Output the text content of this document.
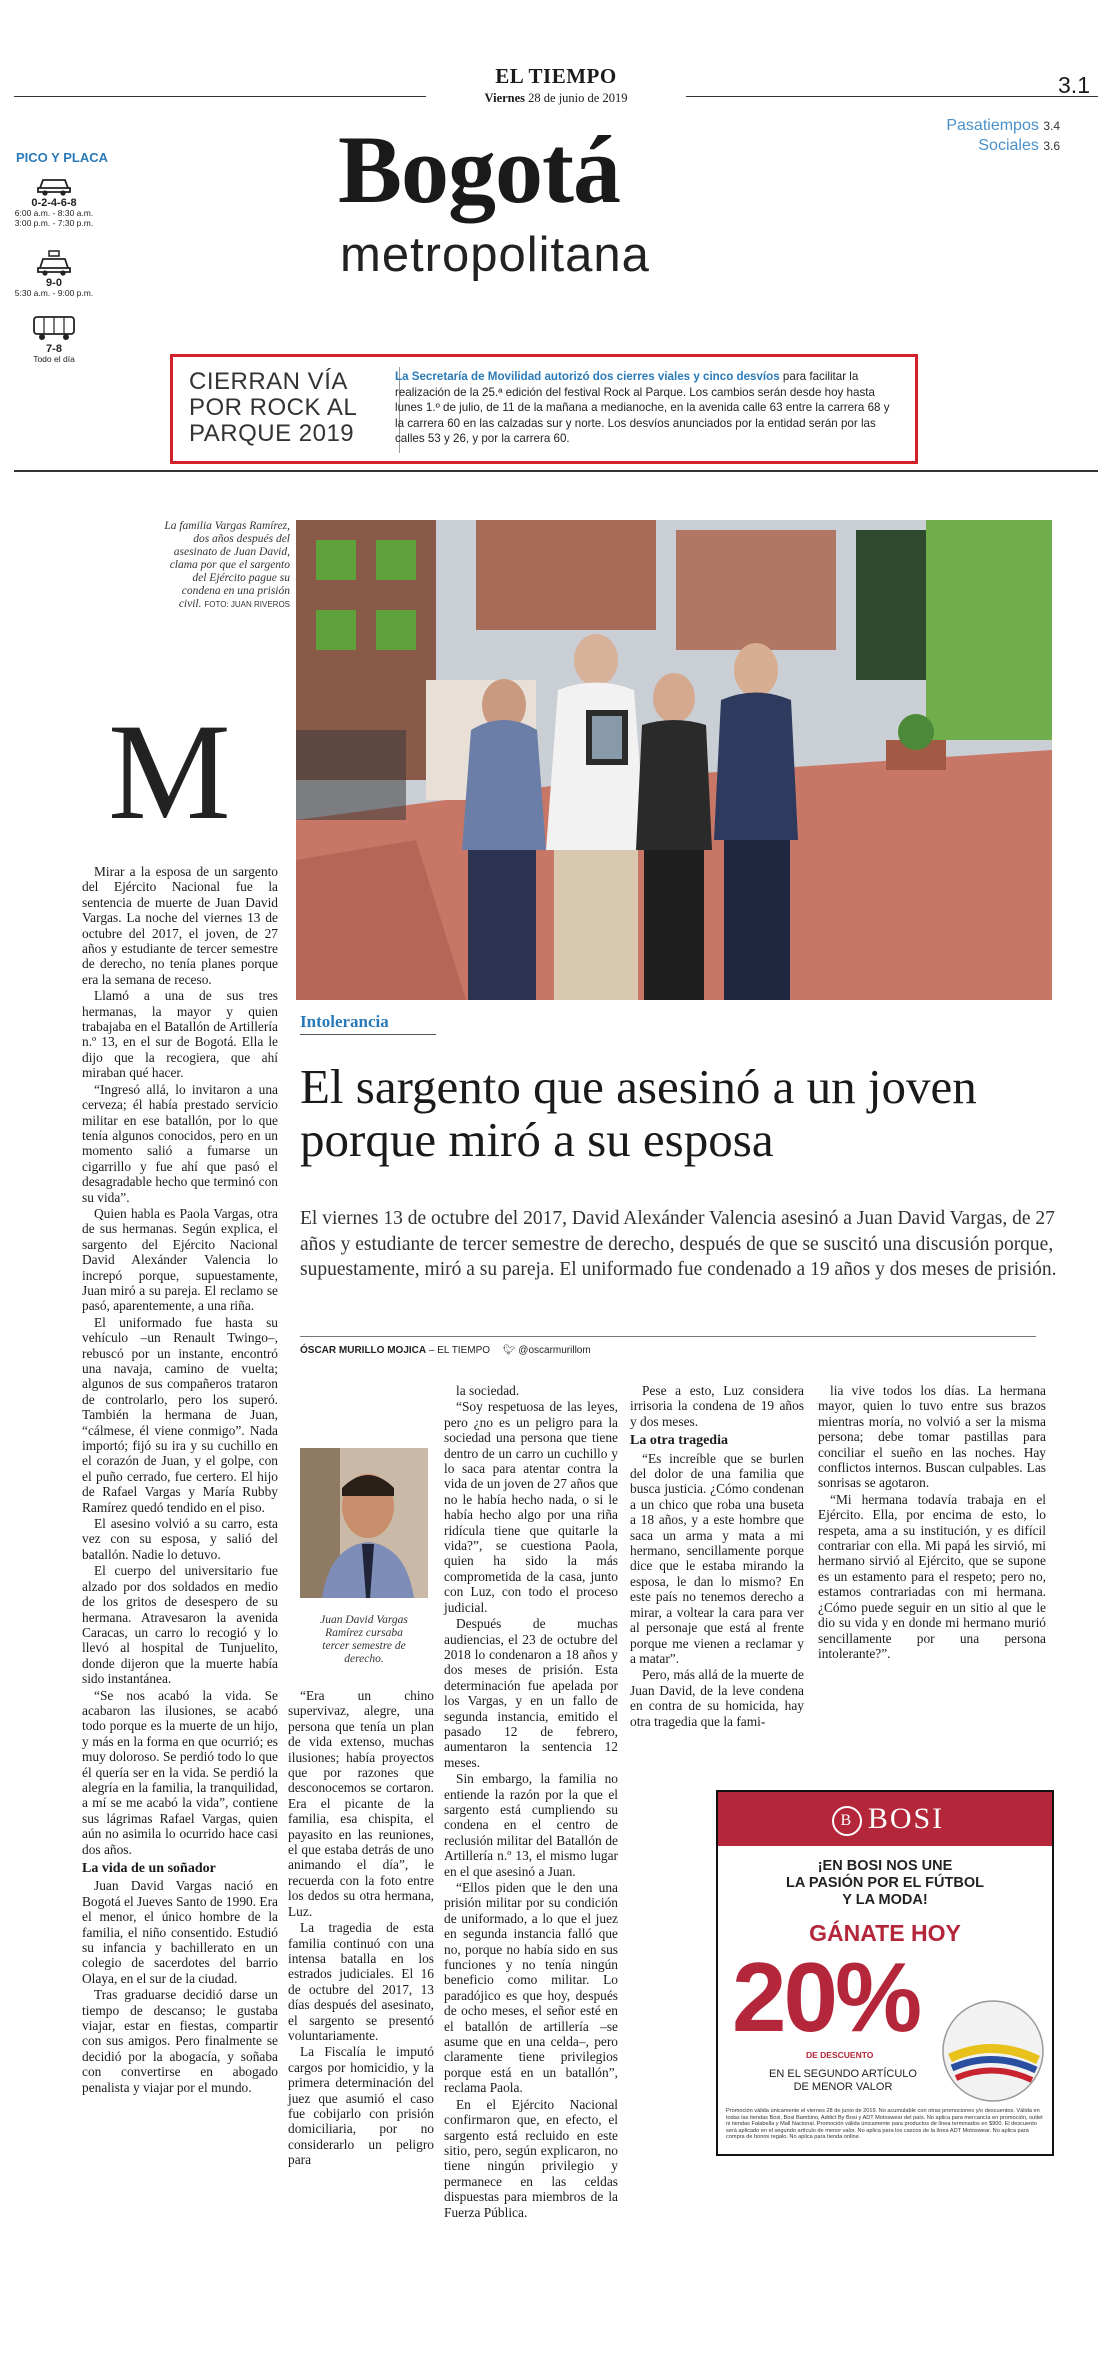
EL TIEMPO
Viernes 28 de junio de 2019	3.1
Pasatiempos 3.4
Sociales 3.6
Bogotá
metropolitana
PICO Y PLACA
0-2-4-6-8
6:00 a.m. - 8:30 a.m.
3:00 p.m. - 7:30 p.m.
9-0
5:30 a.m. - 9:00 p.m.
7-8
Todo el día
CIERRAN VÍA POR ROCK AL PARQUE 2019
La Secretaría de Movilidad autorizó dos cierres viales y cinco desvíos para facilitar la realización de la 25.ª edición del festival Rock al Parque. Los cambios serán desde hoy hasta lunes 1.º de julio, de 11 de la mañana a medianoche, en la avenida calle 63 entre la carrera 68 y la carrera 60 en las calzadas sur y norte. Los desvíos anunciados por la entidad serán por las calles 53 y 26, y por la carrera 60.
La familia Vargas Ramírez, dos años después del asesinato de Juan David, clama por que el sargento del Ejército pague su condena en una prisión civil. FOTO: JUAN RIVEROS
Intolerancia
El sargento que asesinó a un joven porque miró a su esposa
El viernes 13 de octubre del 2017, David Alexánder Valencia asesinó a Juan David Vargas, de 27 años y estudiante de tercer semestre de derecho, después de que se suscitó una discusión porque, supuestamente, miró a su pareja. El uniformado fue condenado a 19 años y dos meses de prisión.
ÓSCAR MURILLO MOJICA – EL TIEMPO 🐦︎ @oscarmurillom
M

Mirar a la esposa de un sargento del Ejército Nacional fue la sentencia de muerte de Juan David Vargas. La noche del viernes 13 de octubre del 2017, el joven, de 27 años y estudiante de tercer semestre de derecho, no tenía planes porque era la semana de receso.

Llamó a una de sus tres hermanas, la mayor y quien trabajaba en el Batallón de Artillería n.º 13, en el sur de Bogotá. Ella le dijo que la recogiera, que ahí miraban qué hacer.

“Ingresó allá, lo invitaron a una cerveza; él había prestado servicio militar en ese batallón, por lo que tenía algunos conocidos, pero en un momento salió a fumarse un cigarrillo y fue ahí que pasó el desagradable hecho que terminó con su vida”.

Quien habla es Paola Vargas, otra de sus hermanas. Según explica, el sargento del Ejército Nacional David Alexánder Valencia lo increpó porque, supuestamente, Juan miró a su pareja. El reclamo se pasó, aparentemente, a una riña.

El uniformado fue hasta su vehículo –un Renault Twingo–, rebuscó por un instante, encontró una navaja, camino de vuelta; algunos de sus compañeros trataron de controlarlo, pero los superó. También la hermana de Juan, “cálmese, él viene conmigo”. Nada importó; fijó su ira y su cuchillo en el corazón de Juan, y el golpe, con el puño cerrado, fue certero. El hijo de Rafael Vargas y María Rubby Ramírez quedó tendido en el piso.

El asesino volvió a su carro, esta vez con su esposa, y salió del batallón. Nadie lo detuvo.

El cuerpo del universitario fue alzado por dos soldados en medio de los gritos de desespero de su hermana. Atravesaron la avenida Caracas, un carro lo recogió y lo llevó al hospital de Tunjuelito, donde dijeron que la muerte había sido instantánea.

“Se nos acabó la vida. Se acabaron las ilusiones, se acabó todo porque es la muerte de un hijo, y más en la forma en que ocurrió; es muy doloroso. Se perdió todo lo que él quería ser en la vida. Se perdió la alegría en la familia, la tranquilidad, a mí se me acabó la vida”, contiene sus lágrimas Rafael Vargas, quien aún no asimila lo ocurrido hace casi dos años.

La vida de un soñador

Juan David Vargas nació en Bogotá el Jueves Santo de 1990. Era el menor, el único hombre de la familia, el niño consentido. Estudió su infancia y bachillerato en un colegio de sacerdotes del barrio Olaya, en el sur de la ciudad.

Tras graduarse decidió darse un tiempo de descanso; le gustaba viajar, estar en fiestas, compartir con sus amigos. Pero finalmente se decidió por la abogacía, y soñaba con convertirse en abogado penalista y viajar por el mundo.

Juan David Vargas Ramírez cursaba tercer semestre de derecho.

“Era un chino supervivaz, alegre, una persona que tenía un plan de vida extenso, muchas ilusiones; había proyectos que por razones que desconocemos se cortaron. Era el picante de la familia, esa chispita, el payasito en las reuniones, el que estaba detrás de uno animando el día”, le recuerda con la foto entre los dedos su otra hermana, Luz.

La tragedia de esta familia continuó con una intensa batalla en los estrados judiciales. El 16 de octubre del 2017, 13 días después del asesinato, el sargento se presentó voluntariamente.

La Fiscalía le imputó cargos por homicidio, y la primera determinación del juez que asumió el caso fue cobijarlo con prisión domiciliaria, por no considerarlo un peligro para

la sociedad.

“Soy respetuosa de las leyes, pero ¿no es un peligro para la sociedad una persona que tiene dentro de un carro un cuchillo y lo saca para atentar contra la vida de un joven de 27 años que no le había hecho nada, o si le había hecho algo por una riña ridícula tiene que quitarle la vida?”, se cuestiona Paola, quien ha sido la más comprometida de la casa, junto con Luz, con todo el proceso judicial.

Después de muchas audiencias, el 23 de octubre del 2018 lo condenaron a 18 años y dos meses de prisión. Esta determinación fue apelada por los Vargas, y en un fallo de segunda instancia, emitido el pasado 12 de febrero, aumentaron la sentencia 12 meses.

Sin embargo, la familia no entiende la razón por la que el sargento está cumpliendo su condena en el centro de reclusión militar del Batallón de Artillería n.º 13, el mismo lugar en el que asesinó a Juan.

“Ellos piden que le den una prisión militar por su condición de uniformado, a lo que el juez en segunda instancia falló que no, porque no había sido en sus funciones y no tenía ningún beneficio como militar. Lo paradójico es que hoy, después de ocho meses, el señor esté en el batallón de artillería –se asume que en una celda–, pero claramente tiene privilegios porque está en un batallón”, reclama Paola.

En el Ejército Nacional confirmaron que, en efecto, el sargento está recluido en este sitio, pero, según explicaron, no tiene ningún privilegio y permanece en las celdas dispuestas para miembros de la Fuerza Pública.

Pese a esto, Luz considera irrisoria la condena de 19 años y dos meses.

La otra tragedia

“Es increíble que se burlen del dolor de una familia que busca justicia. ¿Cómo condenan a un chico que roba una buseta a 18 años, y a este hombre que saca un arma y mata a mi hermano, sencillamente porque dice que le estaba mirando la esposa, le dan lo mismo? En este país no tenemos derecho a mirar, a voltear la cara para ver al personaje que está al frente porque me vienen a reclamar y a matar”.

Pero, más allá de la muerte de Juan David, de la leve condena en contra de su homicida, hay otra tragedia que la fami-

lia vive todos los días. La hermana mayor, quien lo tuvo entre sus brazos mientras moría, no volvió a ser la misma persona; debe tomar pastillas para conciliar el sueño en las noches. Hay conflictos internos. Buscan culpables. Las sonrisas se agotaron.

“Mi hermana todavía trabaja en el Ejército. Ella, por encima de esto, lo respeta, ama a su institución, y es difícil contrariar con ella. Mi papá les sirvió, mi hermano sirvió al Ejército, que se supone es un estamento para el respeto; pero no, estamos contrariadas con mi hermana. ¿Cómo puede seguir en un sitio al que le dio su vida y en donde mi hermano murió sencillamente por una persona intolerante?”.

B BOSI
¡EN BOSI NOS UNE
LA PASIÓN POR EL FÚTBOL
Y LA MODA!
GÁNATE HOY
20%
DE DESCUENTO
EN EL SEGUNDO ARTÍCULO
DE MENOR VALOR
Promoción válida únicamente el viernes 28 de junio de 2019. No acumulable con otras promociones y/o descuentos. Válida en todas las tiendas Bosi, Bosi Bambino, Addict By Bosi y ADT Motoswear del país. No aplica para mercancía en promoción, outlet ni tiendas Falabella y Mall Nacional. Promoción válida únicamente para productos de línea terminados en $900. El descuento será aplicado en el segundo artículo de menor valor. No aplica para los cascos de la línea ADT Motoswear. No aplica para compra de bonos regalo. No aplica para tienda online.
